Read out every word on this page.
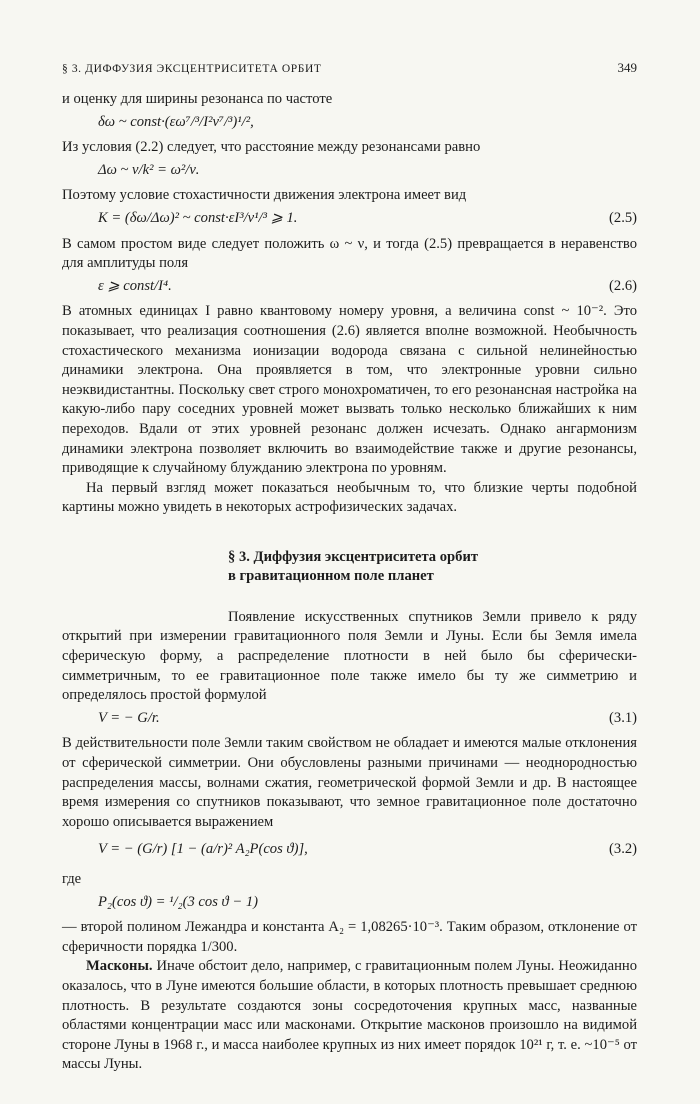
§ 3. ДИФФУЗИЯ ЭКСЦЕНТРИСИТЕТА ОРБИТ	349

и оценку для ширины резонанса по частоте

δω ~ const·(εω⁷/³/I²ν⁷/³)¹/²,

Из условия (2.2) следует, что расстояние между резонансами равно

Δω ~ ν/k² = ω²/ν.

Поэтому условие стохастичности движения электрона имеет вид

K = (δω/Δω)² ~ const·εI³/ν¹/³ ⩾ 1.	(2.5)

В самом простом виде следует положить ω ~ ν, и тогда (2.5) превращается в неравенство для амплитуды поля

ε ⩾ const/I⁴.	(2.6)

В атомных единицах I равно квантовому номеру уровня, а величина const ~ 10⁻². Это показывает, что реализация соотношения (2.6) является вполне возможной. Необычность стохастического механизма ионизации водорода связана с сильной нелинейностью динамики электрона. Она проявляется в том, что электронные уровни сильно неэквидистантны. Поскольку свет строго монохроматичен, то его резонансная настройка на какую-либо пару соседних уровней может вызвать только несколько ближайших к ним переходов. Вдали от этих уровней резонанс должен исчезать. Однако ангармонизм динамики электрона позволяет включить во взаимодействие также и другие резонансы, приводящие к случайному блужданию электрона по уровням.

На первый взгляд может показаться необычным то, что близкие черты подобной картины можно увидеть в некоторых астрофизических задачах.

§ 3. Диффузия эксцентриситета орбит
в гравитационном поле планет

Появление искусственных спутников Земли привело к ряду открытий при измерении гравитационного поля Земли и Луны. Если бы Земля имела сферическую форму, а распределение плотности в ней было бы сферически-симметричным, то ее гравитационное поле также имело бы ту же симметрию и определялось простой формулой

V = − G/r.	(3.1)

В действительности поле Земли таким свойством не обладает и имеются малые отклонения от сферической симметрии. Они обусловлены разными причинами — неоднородностью распределения массы, волнами сжатия, геометрической формой Земли и др. В настоящее время измерения со спутников показывают, что земное гравитационное поле достаточно хорошо описывается выражением

V = − (G/r) [1 − (a/r)² A₂P(cos ϑ)],	(3.2)

где

P₂(cos ϑ) = ¹/₂(3 cos ϑ − 1)

— второй полином Лежандра и константа A₂ = 1,08265·10⁻³. Таким образом, отклонение от сферичности порядка 1/300.

Масконы. Иначе обстоит дело, например, с гравитационным полем Луны. Неожиданно оказалось, что в Луне имеются большие области, в которых плотность превышает среднюю плотность. В результате создаются зоны сосредоточения крупных масс, названные областями концентрации масс или масконами. Открытие масконов произошло на видимой стороне Луны в 1968 г., и масса наиболее крупных из них имеет порядок 10²¹ г, т. е. ~10⁻⁵ от массы Луны.
